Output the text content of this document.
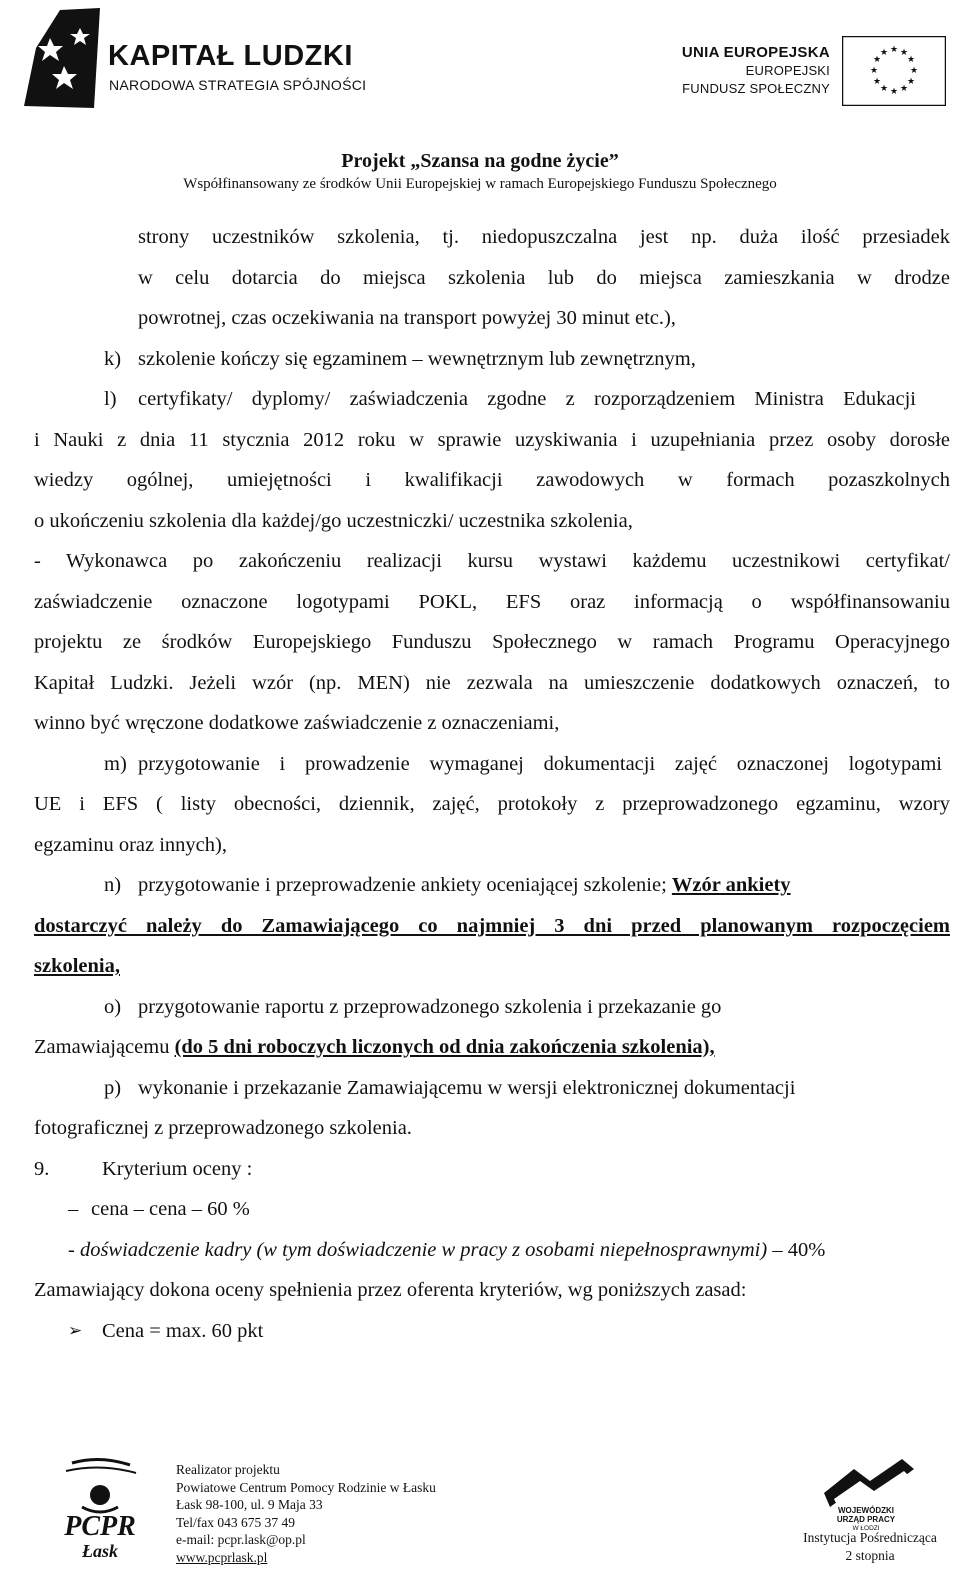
KAPITAŁ LUDZKI
NARODOWA STRATEGIA SPÓJNOŚCI
UNIA EUROPEJSKA
EUROPEJSKI
FUNDUSZ SPOŁECZNY
★ ★
★
★
★
★
★
★
★
★
★
★
Projekt „Szansa na godne życie”
Współfinansowany ze środków Unii Europejskiej w ramach Europejskiego Funduszu Społecznego
strony uczestników szkolenia, tj. niedopuszczalna jest np. duża ilość przesiadek
w celu dotarcia do miejsca szkolenia lub do miejsca zamieszkania w drodze
powrotnej, czas oczekiwania na transport powyżej 30 minut etc.),
k) szkolenie kończy się egzaminem – wewnętrznym lub zewnętrznym,
l) certyfikaty/ dyplomy/ zaświadczenia zgodne z rozporządzeniem Ministra Edukacji
i Nauki z dnia 11 stycznia 2012 roku w sprawie uzyskiwania i uzupełniania przez osoby dorosłe
wiedzy ogólnej, umiejętności i kwalifikacji zawodowych w formach pozaszkolnych
o ukończeniu szkolenia dla każdej/go uczestniczki/ uczestnika szkolenia,
- Wykonawca po zakończeniu realizacji kursu wystawi każdemu uczestnikowi certyfikat/
zaświadczenie oznaczone logotypami POKL, EFS oraz informacją o współfinansowaniu
projektu ze środków Europejskiego Funduszu Społecznego w ramach Programu Operacyjnego
Kapitał Ludzki. Jeżeli wzór (np. MEN) nie zezwala na umieszczenie dodatkowych oznaczeń, to
winno być wręczone dodatkowe zaświadczenie z oznaczeniami,
m) przygotowanie i prowadzenie wymaganej dokumentacji zajęć oznaczonej logotypami
UE i EFS ( listy obecności, dziennik, zajęć, protokoły z przeprowadzonego egzaminu, wzory
egzaminu oraz innych),
n) przygotowanie i przeprowadzenie ankiety oceniającej szkolenie; Wzór ankiety
dostarczyć należy do Zamawiającego co najmniej 3 dni przed planowanym rozpoczęciem
szkolenia,
o) przygotowanie raportu z przeprowadzonego szkolenia i przekazanie go
Zamawiającemu (do 5 dni roboczych liczonych od dnia zakończenia szkolenia),
p) wykonanie i przekazanie Zamawiającemu w wersji elektronicznej dokumentacji
fotograficznej z przeprowadzonego szkolenia.
9.	Kryterium oceny :
– cena – cena – 60 %
- doświadczenie kadry (w tym doświadczenie w pracy z osobami niepełnosprawnymi) – 40%
Zamawiający dokona oceny spełnienia przez oferenta kryteriów, wg poniższych zasad:
➢ Cena = max. 60 pkt
PCPR
Łask
Realizator projektu
Powiatowe Centrum Pomocy Rodzinie w Łasku
Łask 98-100, ul. 9 Maja 33
Tel/fax 043 675 37 49
e-mail: pcpr.lask@op.pl
www.pcprlask.pl
WOJEWÓDZKI
URZĄD PRACY
W ŁODZI
Instytucja Pośrednicząca
2 stopnia
